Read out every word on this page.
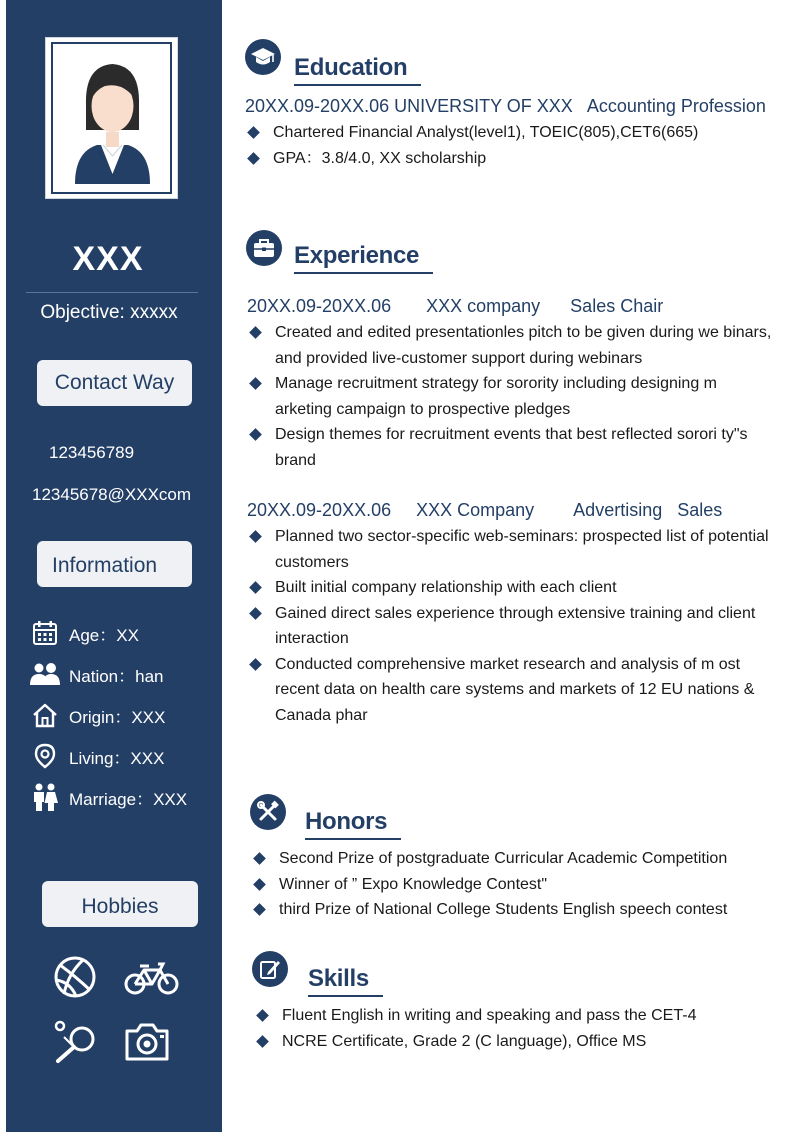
XXX
Objective: xxxxx
Contact Way
123456789
12345678@XXXcom
Information
Age：XX
Nation：han
Origin：XXX
Living：XXX
Marriage：XXX
Hobbies
Education
20XX.09-20XX.06 UNIVERSITY OF XXX   Accounting Profession
Chartered Financial Analyst(level1), TOEIC(805),CET6(665)
GPA：3.8/4.0, XX scholarship
Experience
20XX.09-20XX.06       XXX company      Sales Chair
Created and edited presentationles pitch to be given during we binars, and provided live-customer support during webinars
Manage recruitment strategy for sorority including designing m arketing campaign to prospective pledges
Design themes for recruitment events that best reflected sorori ty"s brand
20XX.09-20XX.06     XXX Company        Advertising   Sales
Planned two sector-specific web-seminars: prospected list of potential customers
Built initial company relationship with each client
Gained direct sales experience through extensive training and client interaction
Conducted comprehensive market research and analysis of m ost recent data on health care systems and markets of 12 EU nations & Canada phar
Honors
Second Prize of postgraduate Curricular Academic Competition
Winner of ” Expo Knowledge Contest"
third Prize of National College Students English speech contest
Skills
Fluent English in writing and speaking and pass the CET-4
NCRE Certificate, Grade 2 (C language), Office MS
